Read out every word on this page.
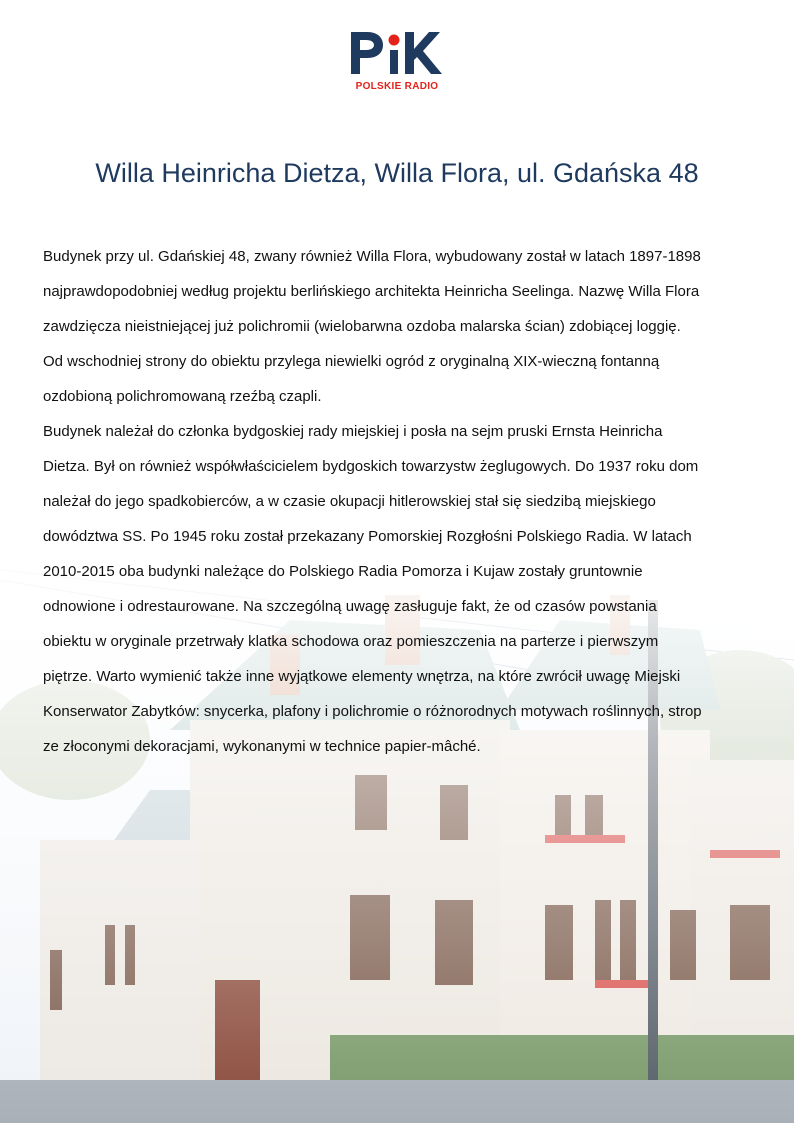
POLSKIE RADIO
Willa Heinricha Dietza, Willa Flora, ul. Gdańska 48
Budynek przy ul. Gdańskiej 48, zwany również Willa Flora, wybudowany został w latach 1897-1898
najprawdopodobniej według projektu berlińskiego architekta Heinricha Seelinga. Nazwę Willa Flora
zawdzięcza nieistniejącej już polichromii (wielobarwna ozdoba malarska ścian) zdobiącej loggię.
Od wschodniej strony do obiektu przylega niewielki ogród z oryginalną XIX-wieczną fontanną
ozdobioną polichromowaną rzeźbą czapli.
Budynek należał do członka bydgoskiej rady miejskiej i posła na sejm pruski Ernsta Heinricha
Dietza. Był on również współwłaścicielem bydgoskich towarzystw żeglugowych. Do 1937 roku dom
należał do jego spadkobierców, a w czasie okupacji hitlerowskiej stał się siedzibą miejskiego
dowództwa SS. Po 1945 roku został przekazany Pomorskiej Rozgłośni Polskiego Radia. W latach
2010-2015 oba budynki należące do Polskiego Radia Pomorza i Kujaw zostały gruntownie
odnowione i odrestaurowane. Na szczególną uwagę zasługuje fakt, że od czasów powstania
obiektu w oryginale przetrwały klatka schodowa oraz pomieszczenia na parterze i pierwszym
piętrze. Warto wymienić także inne wyjątkowe elementy wnętrza, na które zwrócił uwagę Miejski
Konserwator Zabytków: snycerka, plafony i polichromie o różnorodnych motywach roślinnych, strop
ze złoconymi dekoracjami, wykonanymi w technice papier-mâché.
